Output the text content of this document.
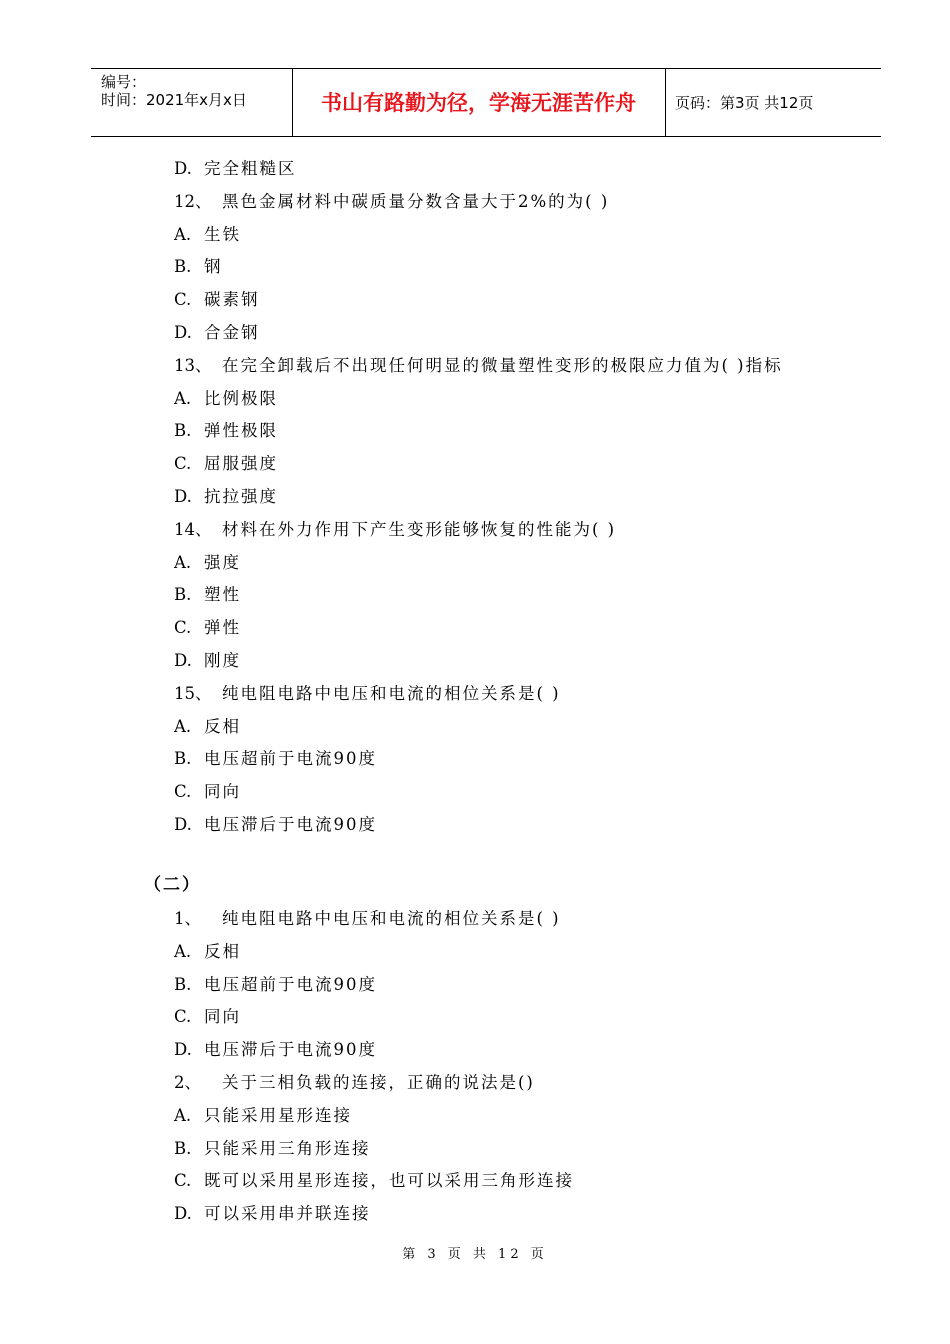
编号：
时间：2021年x月x日	书山有路勤为径，学海无涯苦作舟	页码：第3页 共12页
D. 完全粗糙区
12、 黑色金属材料中碳质量分数含量大于2%的为( )
A. 生铁
B. 钢
C. 碳素钢
D. 合金钢
13、 在完全卸载后不出现任何明显的微量塑性变形的极限应力值为( )指标
A. 比例极限
B. 弹性极限
C. 屈服强度
D. 抗拉强度
14、 材料在外力作用下产生变形能够恢复的性能为( )
A. 强度
B. 塑性
C. 弹性
D. 刚度
15、 纯电阻电路中电压和电流的相位关系是( )
A. 反相
B. 电压超前于电流90度
C. 同向
D. 电压滞后于电流90度
（二）
1、 纯电阻电路中电压和电流的相位关系是( )
A. 反相
B. 电压超前于电流90度
C. 同向
D. 电压滞后于电流90度
2、 关于三相负载的连接，正确的说法是()
A. 只能采用星形连接
B. 只能采用三角形连接
C. 既可以采用星形连接，也可以采用三角形连接
D. 可以采用串并联连接
第 3 页 共 12 页
